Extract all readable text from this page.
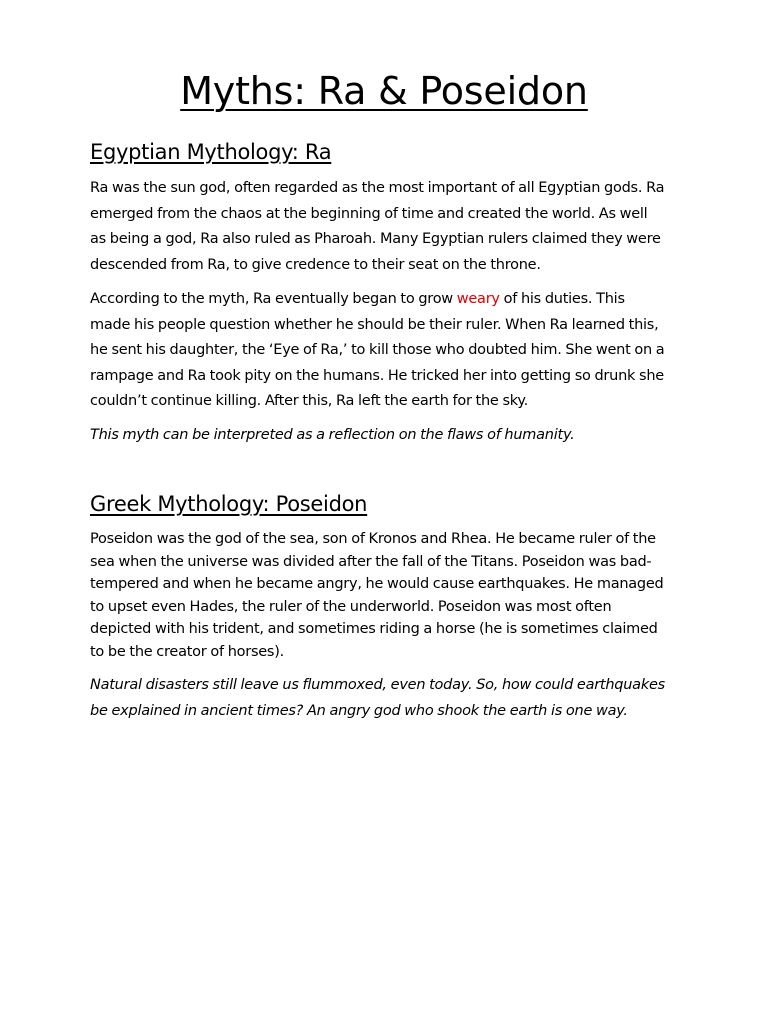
Myths: Ra & Poseidon
Egyptian Mythology: Ra

Ra was the sun god, often regarded as the most important of all Egyptian gods. Ra
emerged from the chaos at the beginning of time and created the world. As well
as being a god, Ra also ruled as Pharoah. Many Egyptian rulers claimed they were
descended from Ra, to give credence to their seat on the throne.

According to the myth, Ra eventually began to grow weary of his duties. This
made his people question whether he should be their ruler. When Ra learned this,
he sent his daughter, the ‘Eye of Ra,’ to kill those who doubted him. She went on a
rampage and Ra took pity on the humans. He tricked her into getting so drunk she
couldn’t continue killing. After this, Ra left the earth for the sky.

This myth can be interpreted as a reflection on the flaws of humanity.

Greek Mythology: Poseidon

Poseidon was the god of the sea, son of Kronos and Rhea. He became ruler of the
sea when the universe was divided after the fall of the Titans. Poseidon was bad-
tempered and when he became angry, he would cause earthquakes. He managed
to upset even Hades, the ruler of the underworld. Poseidon was most often
depicted with his trident, and sometimes riding a horse (he is sometimes claimed
to be the creator of horses).

Natural disasters still leave us flummoxed, even today. So, how could earthquakes
be explained in ancient times? An angry god who shook the earth is one way.
